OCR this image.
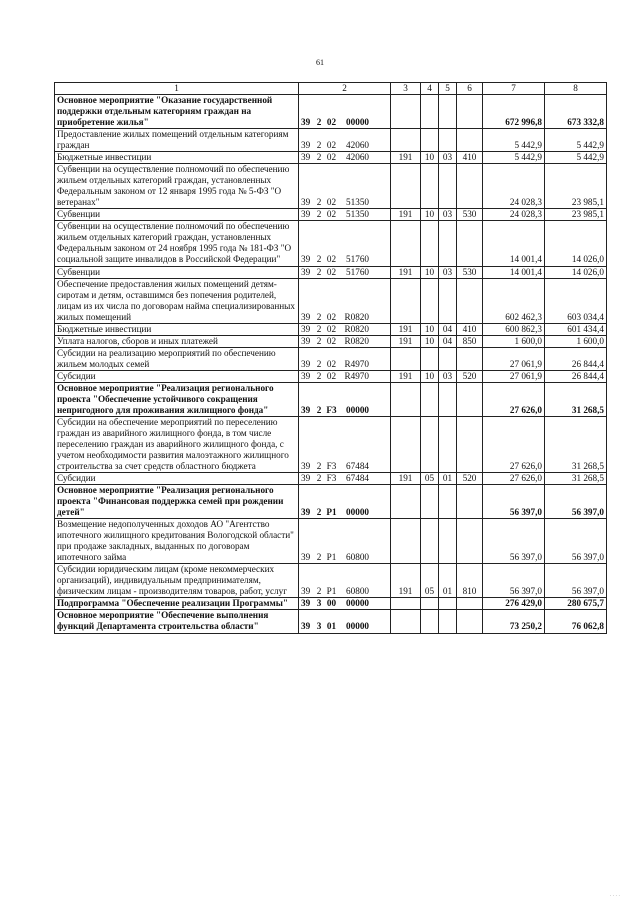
61
1	2	3	4	5	6	7	8
Основное мероприятие "Оказание государственной поддержки отдельным категориям граждан на приобретение жилья"	39 2 02 00000					672 996,8	673 332,8
Предоставление жилых помещений отдельным категориям граждан	39 2 02 42060					5 442,9	5 442,9
Бюджетные инвестиции	39 2 02 42060	191	10	03	410	5 442,9	5 442,9
Субвенции на осуществление полномочий по обеспечению жильем отдельных категорий граждан, установленных Федеральным законом от 12 января 1995 года № 5-ФЗ "О ветеранах"	39 2 02 51350					24 028,3	23 985,1
Субвенции	39 2 02 51350	191	10	03	530	24 028,3	23 985,1
Субвенции на осуществление полномочий по обеспечению жильем отдельных категорий граждан, установленных Федеральным законом от 24 ноября 1995 года № 181-ФЗ "О социальной защите инвалидов в Российской Федерации"	39 2 02 51760					14 001,4	14 026,0
Субвенции	39 2 02 51760	191	10	03	530	14 001,4	14 026,0
Обеспечение предоставления жилых помещений детям-сиротам и детям, оставшимся без попечения родителей, лицам из их числа по договорам найма специализированных жилых помещений	39 2 02 R0820					602 462,3	603 034,4
Бюджетные инвестиции	39 2 02 R0820	191	10	04	410	600 862,3	601 434,4
Уплата налогов, сборов и иных платежей	39 2 02 R0820	191	10	04	850	1 600,0	1 600,0
Субсидии на реализацию мероприятий по обеспечению жильем молодых семей	39 2 02 R4970					27 061,9	26 844,4
Субсидии	39 2 02 R4970	191	10	03	520	27 061,9	26 844,4
Основное мероприятие "Реализация регионального проекта "Обеспечение устойчивого сокращения непригодного для проживания жилищного фонда"	39 2 F3 00000					27 626,0	31 268,5
Субсидии на обеспечение мероприятий по переселению граждан из аварийного жилищного фонда, в том числе переселению граждан из аварийного жилищного фонда, с учетом необходимости развития малоэтажного жилищного строительства за счет средств областного бюджета	39 2 F3 67484					27 626,0	31 268,5
Субсидии	39 2 F3 67484	191	05	01	520	27 626,0	31 268,5
Основное мероприятие "Реализация регионального проекта "Финансовая поддержка семей при рождении детей"	39 2 P1 00000					56 397,0	56 397,0
Возмещение недополученных доходов АО "Агентство ипотечного жилищного кредитования Вологодской области" при продаже закладных, выданных по договорам ипотечного займа	39 2 P1 60800					56 397,0	56 397,0
Субсидии юридическим лицам (кроме некоммерческих организаций), индивидуальным предпринимателям, физическим лицам - производителям товаров, работ, услуг	39 2 P1 60800	191	05	01	810	56 397,0	56 397,0
Подпрограмма "Обеспечение реализации Программы"	39 3 00 00000					276 429,0	280 675,7
Основное мероприятие "Обеспечение выполнения функций Департамента строительства области"	39 3 01 00000					73 250,2	76 062,8
· · · ·
